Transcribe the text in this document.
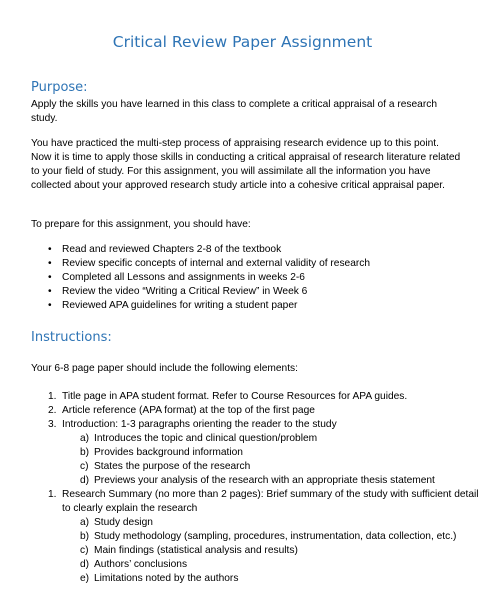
Critical Review Paper Assignment
Purpose:
Apply the skills you have learned in this class to complete a critical appraisal of a research study.
You have practiced the multi-step process of appraising research evidence up to this point. Now it is time to apply those skills in conducting a critical appraisal of research literature related to your field of study. For this assignment, you will assimilate all the information you have collected about your approved research study article into a cohesive critical appraisal paper.
To prepare for this assignment, you should have:
• Read and reviewed Chapters 2-8 of the textbook
• Review specific concepts of internal and external validity of research
• Completed all Lessons and assignments in weeks 2-6
• Review the video “Writing a Critical Review” in Week 6
• Reviewed APA guidelines for writing a student paper
Instructions:
Your 6-8 page paper should include the following elements:
1. Title page in APA student format. Refer to Course Resources for APA guides.
2. Article reference (APA format) at the top of the first page
3. Introduction: 1-3 paragraphs orienting the reader to the study
a) Introduces the topic and clinical question/problem
b) Provides background information
c) States the purpose of the research
d) Previews your analysis of the research with an appropriate thesis statement
1. Research Summary (no more than 2 pages): Brief summary of the study with sufficient detail to clearly explain the research
a) Study design
b) Study methodology (sampling, procedures, instrumentation, data collection, etc.)
c) Main findings (statistical analysis and results)
d) Authors’ conclusions
e) Limitations noted by the authors
